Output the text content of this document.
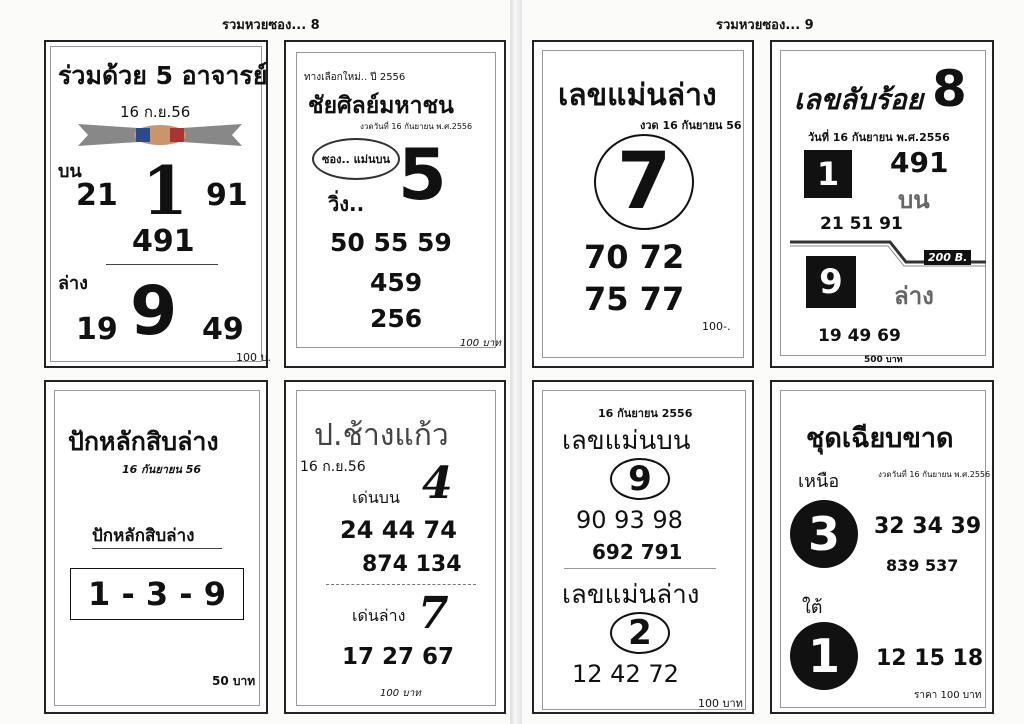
รวมหวยซอง... 8	รวมหวยซอง... 9
ร่วมด้วย 5 อาจารย์
16 ก.ย.56
บน
21 1 91
491
ล่าง
19 9 49
100 บ.
ทางเลือกใหม่.. ปี 2556
ชัยศิลย์มหาชน
งวดวันที่ 16 กันยายน พ.ศ.2556
ซอง.. แม่นบน
วิ่ง.. 5
50 55 59
459
256
100 บาท
เลขแม่นล่าง
งวด 16 กันยายน 56
7
70 72
75 77
100-.
เลขลับร้อย 8
วันที่ 16 กันยายน พ.ศ.2556
1	491
บน
21 51 91
200 B.
9	ล่าง
19 49 69
500 บาท
ปักหลักสิบล่าง
16 กันยายน 56
ปักหลักสิบล่าง
1 - 3 - 9
50 บาท
ป.ช้างแก้ว
16 ก.ย.56
เด่นบน 4
24 44 74
874 134
เด่นล่าง 7
17 27 67
100 บาท
16 กันยายน 2556
เลขแม่นบน
9
90 93 98
692 791
เลขแม่นล่าง
2
12 42 72
100 บาท
ชุดเฉียบขาด
เหนือ	งวดวันที่ 16 กันยายน พ.ศ.2556
3	32 34 39
839 537
ใต้
1	12 15 18
ราคา 100 บาท
